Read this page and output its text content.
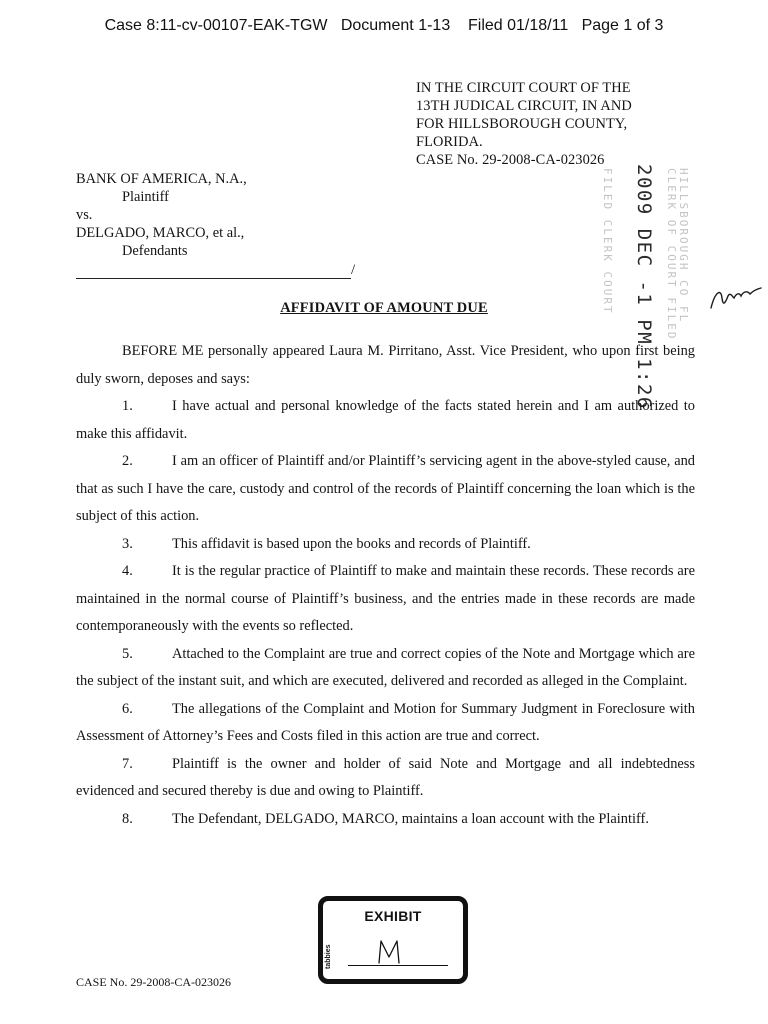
Case 8:11-cv-00107-EAK-TGW Document 1-13 Filed 01/18/11 Page 1 of 3
IN THE CIRCUIT COURT OF THE
13TH JUDICAL CIRCUIT, IN AND
FOR HILLSBOROUGH COUNTY,
FLORIDA.
CASE No. 29-2008-CA-023026
BANK OF AMERICA, N.A.,
Plaintiff
vs.
DELGADO, MARCO, et al.,
Defendants
/	FILED CLERK COURT 2009 DEC -1 PM 1:26 CLERK OF COURT FILED HILLSBOROUGH CO FL
AFFIDAVIT OF AMOUNT DUE

BEFORE ME personally appeared Laura M. Pirritano, Asst. Vice President, who upon first being duly sworn, deposes and says:

1.	I have actual and personal knowledge of the facts stated herein and I am authorized to make this affidavit.

2.	I am an officer of Plaintiff and/or Plaintiff’s servicing agent in the above-styled cause, and that as such I have the care, custody and control of the records of Plaintiff concerning the loan which is the subject of this action.

3.	This affidavit is based upon the books and records of Plaintiff.

4.	It is the regular practice of Plaintiff to make and maintain these records. These records are maintained in the normal course of Plaintiff’s business, and the entries made in these records are made contemporaneously with the events so reflected.

5.	Attached to the Complaint are true and correct copies of the Note and Mortgage which are the subject of the instant suit, and which are executed, delivered and recorded as alleged in the Complaint.

6.	The allegations of the Complaint and Motion for Summary Judgment in Foreclosure with Assessment of Attorney’s Fees and Costs filed in this action are true and correct.

7.	Plaintiff is the owner and holder of said Note and Mortgage and all indebtedness evidenced and secured thereby is due and owing to Plaintiff.

8.	The Defendant, DELGADO, MARCO, maintains a loan account with the Plaintiff.

EXHIBIT
tabbies
CASE No. 29-2008-CA-023026
